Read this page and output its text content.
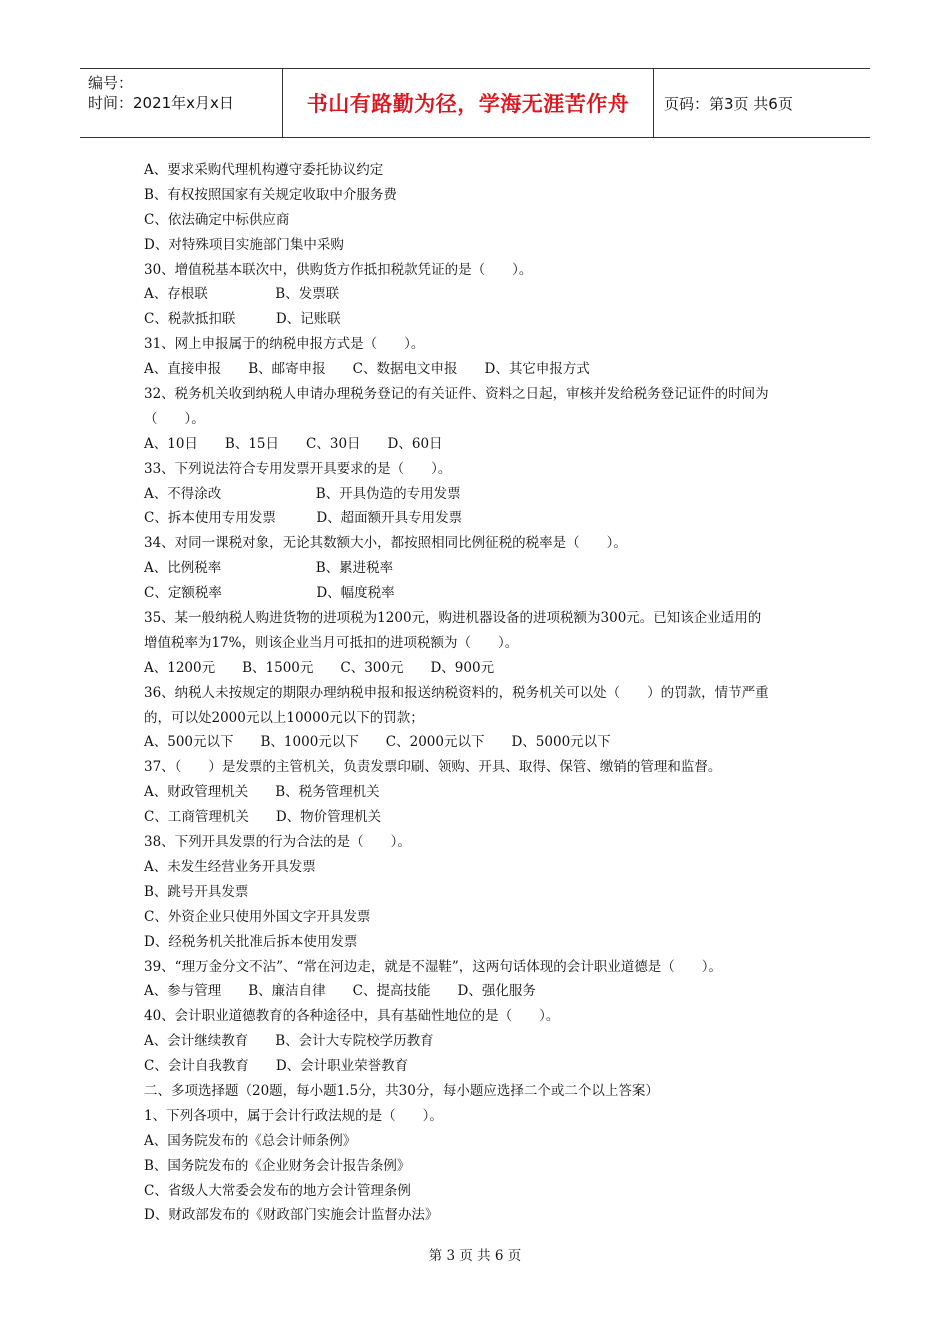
编号：
时间：2021年x月x日	书山有路勤为径，学海无涯苦作舟	页码：第3页 共6页
A、要求采购代理机构遵守委托协议约定
B、有权按照国家有关规定收取中介服务费
C、依法确定中标供应商
D、对特殊项目实施部门集中采购
30、增值税基本联次中，供购货方作抵扣税款凭证的是（　　）。
A、存根联　　　　　B、发票联
C、税款抵扣联　　　D、记账联
31、网上申报属于的纳税申报方式是（　　）。
A、直接申报　　B、邮寄申报　　C、数据电文申报　　D、其它申报方式
32、税务机关收到纳税人申请办理税务登记的有关证件、资料之日起，审核并发给税务登记证件的时间为
（　　）。
A、10日　　B、15日　　C、30日　　D、60日
33、下列说法符合专用发票开具要求的是（　　）。
A、不得涂改　　　　　　　B、开具伪造的专用发票
C、拆本使用专用发票　　　D、超面额开具专用发票
34、对同一课税对象，无论其数额大小，都按照相同比例征税的税率是（　　）。
A、比例税率　　　　　　　B、累进税率
C、定额税率　　　　　　　D、幅度税率
35、某一般纳税人购进货物的进项税为1200元，购进机器设备的进项税额为300元。已知该企业适用的
增值税率为17%，则该企业当月可抵扣的进项税额为（　　）。
A、1200元　　B、1500元　　C、300元　　D、900元
36、纳税人未按规定的期限办理纳税申报和报送纳税资料的，税务机关可以处（　　）的罚款，情节严重
的，可以处2000元以上10000元以下的罚款；
A、500元以下　　B、1000元以下　　C、2000元以下　　D、5000元以下
37、（　　）是发票的主管机关，负责发票印刷、领购、开具、取得、保管、缴销的管理和监督。
A、财政管理机关　　B、税务管理机关
C、工商管理机关　　D、物价管理机关
38、下列开具发票的行为合法的是（　　）。
A、未发生经营业务开具发票
B、跳号开具发票
C、外资企业只使用外国文字开具发票
D、经税务机关批准后拆本使用发票
39、“理万金分文不沾”、“常在河边走，就是不湿鞋”，这两句话体现的会计职业道德是（　　）。
A、参与管理　　B、廉洁自律　　C、提高技能　　D、强化服务
40、会计职业道德教育的各种途径中，具有基础性地位的是（　　）。
A、会计继续教育　　B、会计大专院校学历教育
C、会计自我教育　　D、会计职业荣誉教育
二、多项选择题（20题，每小题1.5分，共30分，每小题应选择二个或二个以上答案）
1、下列各项中，属于会计行政法规的是（　　）。
A、国务院发布的《总会计师条例》
B、国务院发布的《企业财务会计报告条例》
C、省级人大常委会发布的地方会计管理条例
D、财政部发布的《财政部门实施会计监督办法》
第 3 页 共 6 页
